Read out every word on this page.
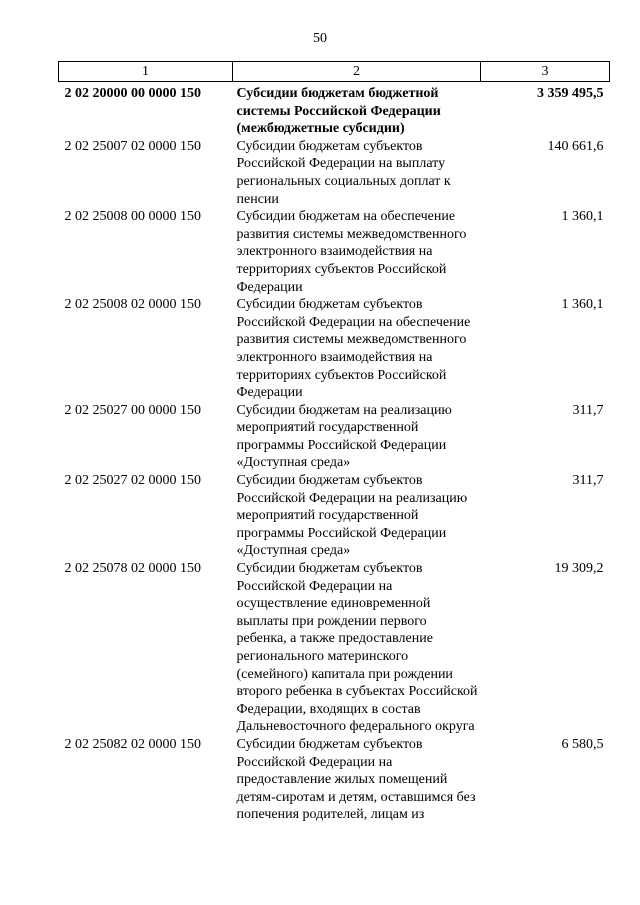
50
1	2	3
2 02 20000 00 0000 150	Субсидии бюджетам бюджетной системы Российской Федерации (межбюджетные субсидии)	3 359 495,5
2 02 25007 02 0000 150	Субсидии бюджетам субъектов Российской Федерации на выплату региональных социальных доплат к пенсии	140 661,6
2 02 25008 00 0000 150	Субсидии бюджетам на обеспечение развития системы межведомственного электронного взаимодействия на территориях субъектов Российской Федерации	1 360,1
2 02 25008 02 0000 150	Субсидии бюджетам субъектов Российской Федерации на обеспечение развития системы межведомственного электронного взаимодействия на территориях субъектов Российской Федерации	1 360,1
2 02 25027 00 0000 150	Субсидии бюджетам на реализацию мероприятий государственной программы Российской Федерации «Доступная среда»	311,7
2 02 25027 02 0000 150	Субсидии бюджетам субъектов Российской Федерации на реализацию мероприятий государственной программы Российской Федерации «Доступная среда»	311,7
2 02 25078 02 0000 150	Субсидии бюджетам субъектов Российской Федерации на осуществление единовременной выплаты при рождении первого ребенка, а также предоставление регионального материнского (семейного) капитала при рождении второго ребенка в субъектах Российской Федерации, входящих в состав Дальневосточного федерального округа	19 309,2
2 02 25082 02 0000 150	Субсидии бюджетам субъектов Российской Федерации на предоставление жилых помещений детям-сиротам и детям, оставшимся без попечения родителей, лицам из	6 580,5
